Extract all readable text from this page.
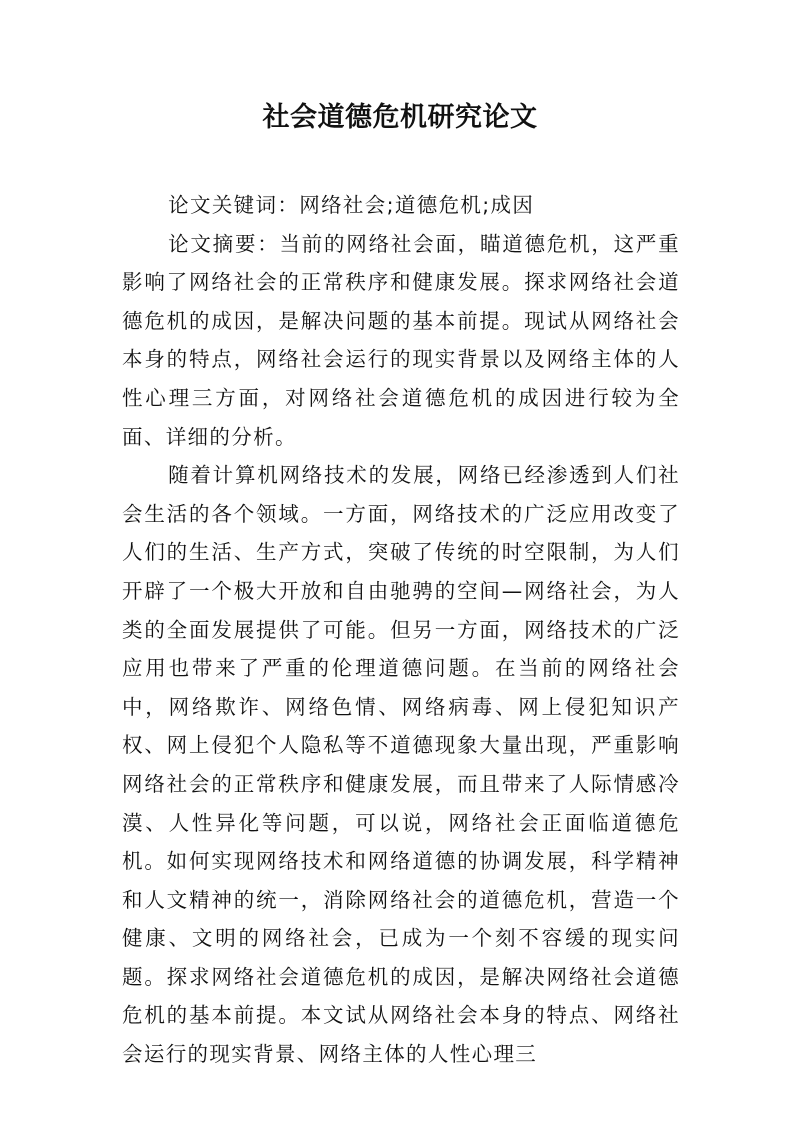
社会道德危机研究论文

论文关键词：网络社会;道德危机;成因

论文摘要：当前的网络社会面，瞄道德危机，这严重影响了网络社会的正常秩序和健康发展。探求网络社会道德危机的成因，是解决问题的基本前提。现试从网络社会本身的特点，网络社会运行的现实背景以及网络主体的人性心理三方面，对网络社会道德危机的成因进行较为全面、详细的分析。

随着计算机网络技术的发展，网络已经渗透到人们社会生活的各个领域。一方面，网络技术的广泛应用改变了人们的生活、生产方式，突破了传统的时空限制，为人们开辟了一个极大开放和自由驰骋的空间—网络社会，为人类的全面发展提供了可能。但另一方面，网络技术的广泛应用也带来了严重的伦理道德问题。在当前的网络社会中，网络欺诈、网络色情、网络病毒、网上侵犯知识产权、网上侵犯个人隐私等不道德现象大量出现，严重影响网络社会的正常秩序和健康发展，而且带来了人际情感冷漠、人性异化等问题，可以说，网络社会正面临道德危机。如何实现网络技术和网络道德的协调发展，科学精神和人文精神的统一，消除网络社会的道德危机，营造一个健康、文明的网络社会，已成为一个刻不容缓的现实问题。探求网络社会道德危机的成因，是解决网络社会道德危机的基本前提。本文试从网络社会本身的特点、网络社会运行的现实背景、网络主体的人性心理三
